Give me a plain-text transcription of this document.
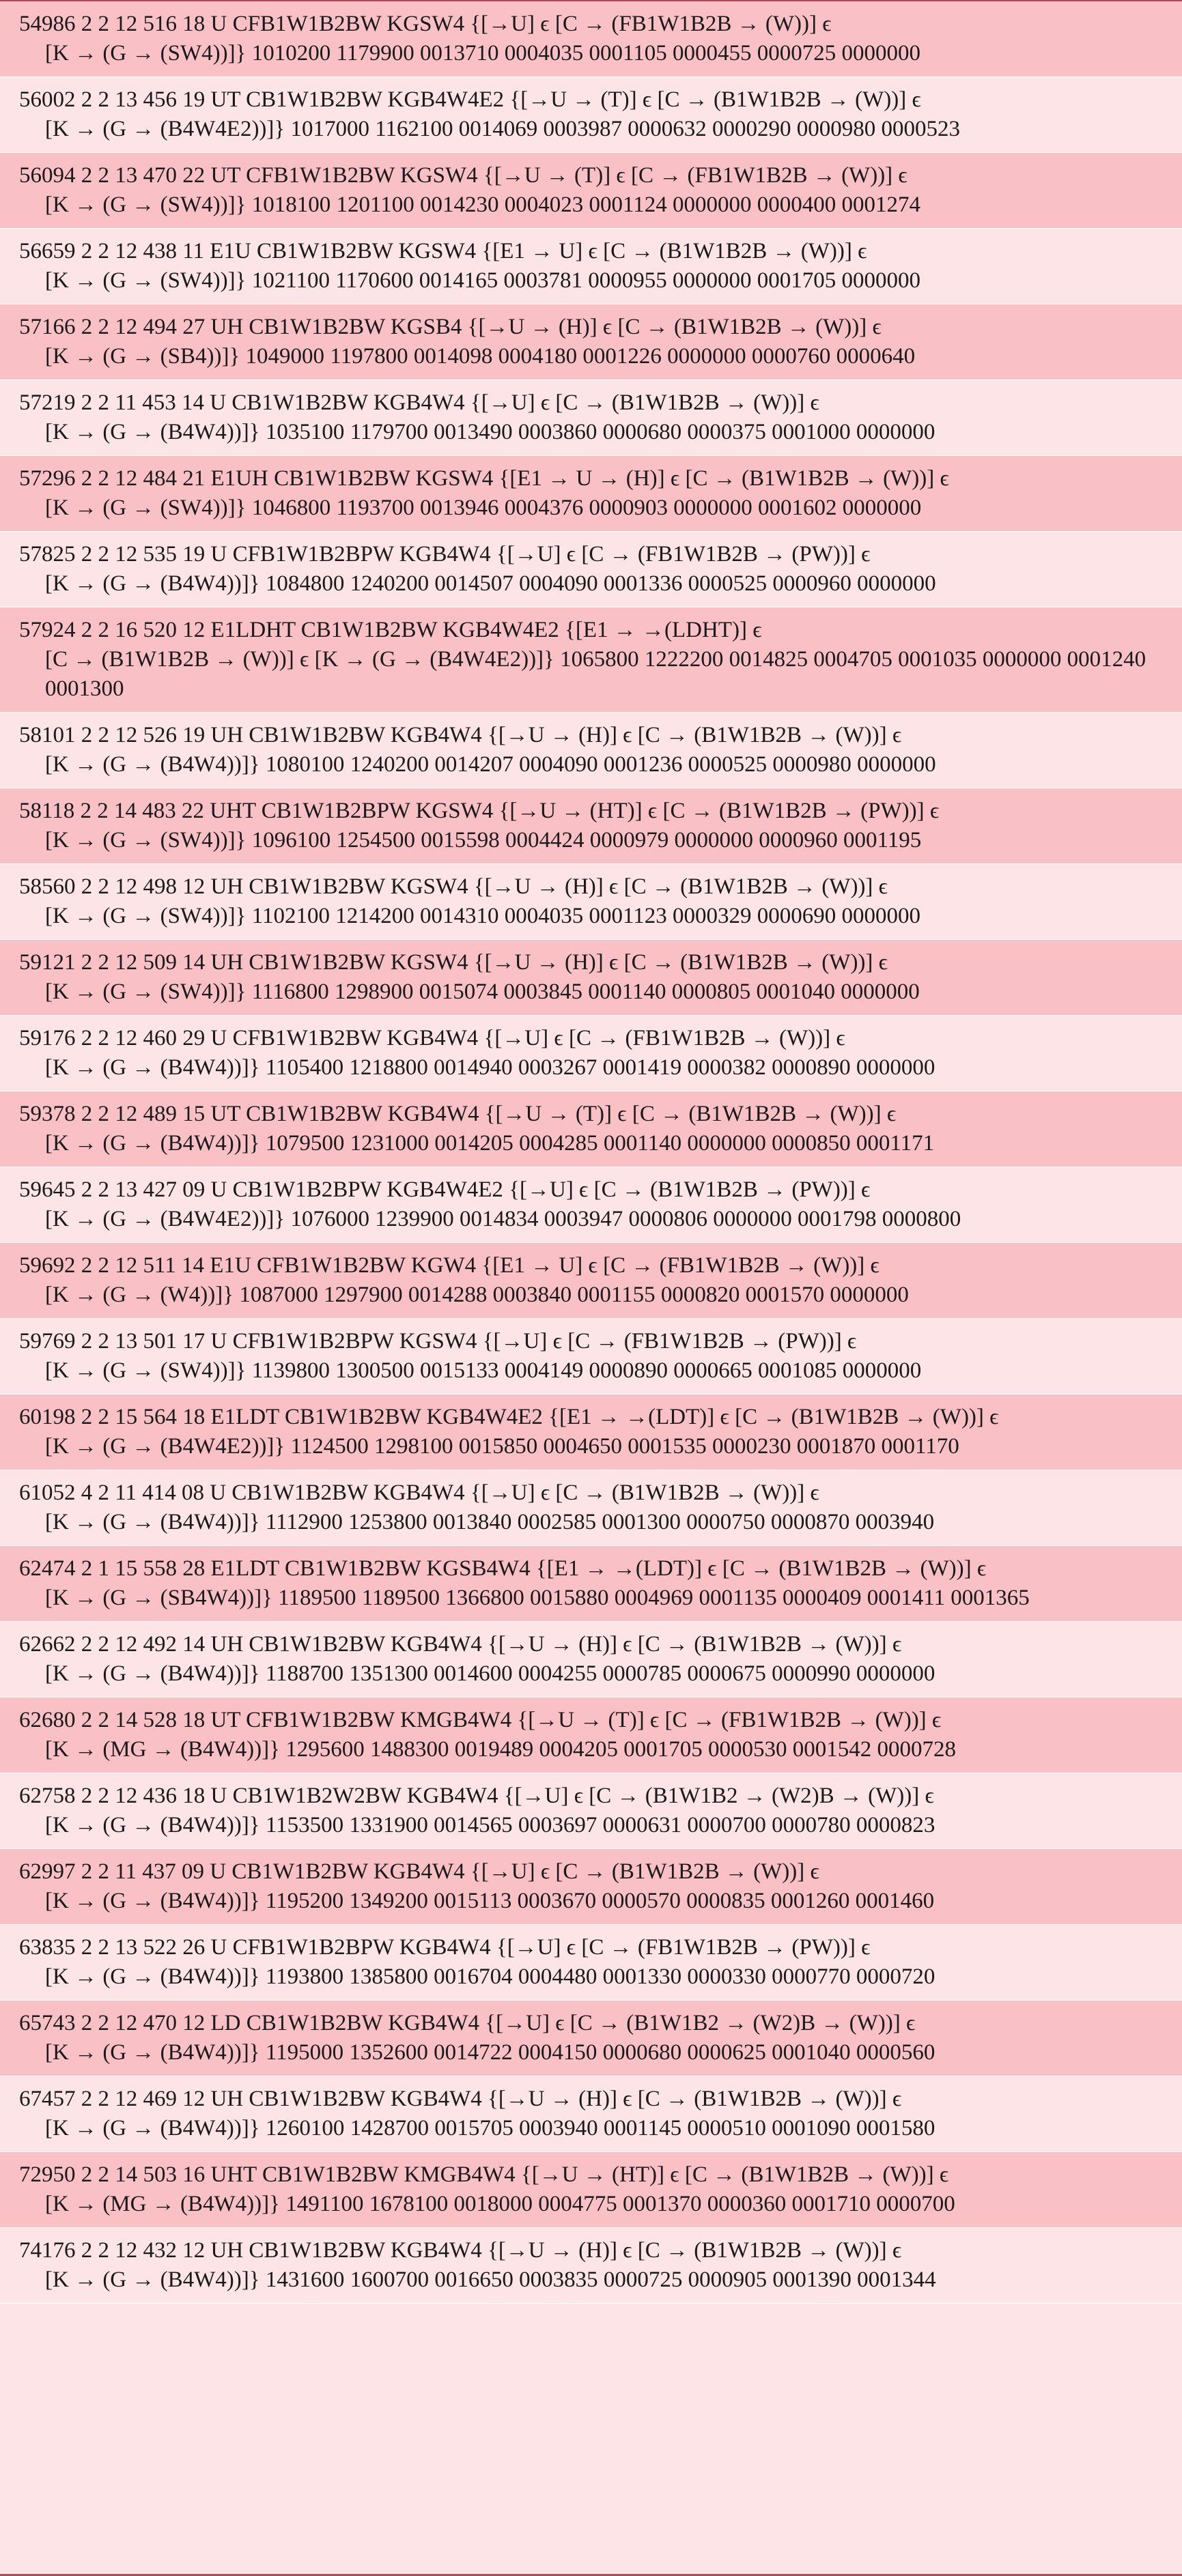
54986 2 2 12 516 18 U CFB1W1B2BW KGSW4 {[→U] ϵ [C → (FB1W1B2B → (W))] ϵ
[K → (G → (SW4))]} 1010200 1179900 0013710 0004035 0001105 0000455 0000725 0000000
56002 2 2 13 456 19 UT CB1W1B2BW KGB4W4E2 {[→U → (T)] ϵ [C → (B1W1B2B → (W))] ϵ
[K → (G → (B4W4E2))]} 1017000 1162100 0014069 0003987 0000632 0000290 0000980 0000523
56094 2 2 13 470 22 UT CFB1W1B2BW KGSW4 {[→U → (T)] ϵ [C → (FB1W1B2B → (W))] ϵ
[K → (G → (SW4))]} 1018100 1201100 0014230 0004023 0001124 0000000 0000400 0001274
56659 2 2 12 438 11 E1U CB1W1B2BW KGSW4 {[E1 → U] ϵ [C → (B1W1B2B → (W))] ϵ
[K → (G → (SW4))]} 1021100 1170600 0014165 0003781 0000955 0000000 0001705 0000000
57166 2 2 12 494 27 UH CB1W1B2BW KGSB4 {[→U → (H)] ϵ [C → (B1W1B2B → (W))] ϵ
[K → (G → (SB4))]} 1049000 1197800 0014098 0004180 0001226 0000000 0000760 0000640
57219 2 2 11 453 14 U CB1W1B2BW KGB4W4 {[→U] ϵ [C → (B1W1B2B → (W))] ϵ
[K → (G → (B4W4))]} 1035100 1179700 0013490 0003860 0000680 0000375 0001000 0000000
57296 2 2 12 484 21 E1UH CB1W1B2BW KGSW4 {[E1 → U → (H)] ϵ [C → (B1W1B2B → (W))] ϵ
[K → (G → (SW4))]} 1046800 1193700 0013946 0004376 0000903 0000000 0001602 0000000
57825 2 2 12 535 19 U CFB1W1B2BPW KGB4W4 {[→U] ϵ [C → (FB1W1B2B → (PW))] ϵ
[K → (G → (B4W4))]} 1084800 1240200 0014507 0004090 0001336 0000525 0000960 0000000
57924 2 2 16 520 12 E1LDHT CB1W1B2BW KGB4W4E2 {[E1 → →(LDHT)] ϵ
[C → (B1W1B2B → (W))] ϵ [K → (G → (B4W4E2))]} 1065800 1222200 0014825 0004705 0001035 0000000 0001240 0001300
58101 2 2 12 526 19 UH CB1W1B2BW KGB4W4 {[→U → (H)] ϵ [C → (B1W1B2B → (W))] ϵ
[K → (G → (B4W4))]} 1080100 1240200 0014207 0004090 0001236 0000525 0000980 0000000
58118 2 2 14 483 22 UHT CB1W1B2BPW KGSW4 {[→U → (HT)] ϵ [C → (B1W1B2B → (PW))] ϵ
[K → (G → (SW4))]} 1096100 1254500 0015598 0004424 0000979 0000000 0000960 0001195
58560 2 2 12 498 12 UH CB1W1B2BW KGSW4 {[→U → (H)] ϵ [C → (B1W1B2B → (W))] ϵ
[K → (G → (SW4))]} 1102100 1214200 0014310 0004035 0001123 0000329 0000690 0000000
59121 2 2 12 509 14 UH CB1W1B2BW KGSW4 {[→U → (H)] ϵ [C → (B1W1B2B → (W))] ϵ
[K → (G → (SW4))]} 1116800 1298900 0015074 0003845 0001140 0000805 0001040 0000000
59176 2 2 12 460 29 U CFB1W1B2BW KGB4W4 {[→U] ϵ [C → (FB1W1B2B → (W))] ϵ
[K → (G → (B4W4))]} 1105400 1218800 0014940 0003267 0001419 0000382 0000890 0000000
59378 2 2 12 489 15 UT CB1W1B2BW KGB4W4 {[→U → (T)] ϵ [C → (B1W1B2B → (W))] ϵ
[K → (G → (B4W4))]} 1079500 1231000 0014205 0004285 0001140 0000000 0000850 0001171
59645 2 2 13 427 09 U CB1W1B2BPW KGB4W4E2 {[→U] ϵ [C → (B1W1B2B → (PW))] ϵ
[K → (G → (B4W4E2))]} 1076000 1239900 0014834 0003947 0000806 0000000 0001798 0000800
59692 2 2 12 511 14 E1U CFB1W1B2BW KGW4 {[E1 → U] ϵ [C → (FB1W1B2B → (W))] ϵ
[K → (G → (W4))]} 1087000 1297900 0014288 0003840 0001155 0000820 0001570 0000000
59769 2 2 13 501 17 U CFB1W1B2BPW KGSW4 {[→U] ϵ [C → (FB1W1B2B → (PW))] ϵ
[K → (G → (SW4))]} 1139800 1300500 0015133 0004149 0000890 0000665 0001085 0000000
60198 2 2 15 564 18 E1LDT CB1W1B2BW KGB4W4E2 {[E1 → →(LDT)] ϵ [C → (B1W1B2B → (W))] ϵ
[K → (G → (B4W4E2))]} 1124500 1298100 0015850 0004650 0001535 0000230 0001870 0001170
61052 4 2 11 414 08 U CB1W1B2BW KGB4W4 {[→U] ϵ [C → (B1W1B2B → (W))] ϵ
[K → (G → (B4W4))]} 1112900 1253800 0013840 0002585 0001300 0000750 0000870 0003940
62474 2 1 15 558 28 E1LDT CB1W1B2BW KGSB4W4 {[E1 → →(LDT)] ϵ [C → (B1W1B2B → (W))] ϵ
[K → (G → (SB4W4))]} 1189500 1189500 1366800 0015880 0004969 0001135 0000409 0001411 0001365
62662 2 2 12 492 14 UH CB1W1B2BW KGB4W4 {[→U → (H)] ϵ [C → (B1W1B2B → (W))] ϵ
[K → (G → (B4W4))]} 1188700 1351300 0014600 0004255 0000785 0000675 0000990 0000000
62680 2 2 14 528 18 UT CFB1W1B2BW KMGB4W4 {[→U → (T)] ϵ [C → (FB1W1B2B → (W))] ϵ
[K → (MG → (B4W4))]} 1295600 1488300 0019489 0004205 0001705 0000530 0001542 0000728
62758 2 2 12 436 18 U CB1W1B2W2BW KGB4W4 {[→U] ϵ [C → (B1W1B2 → (W2)B → (W))] ϵ
[K → (G → (B4W4))]} 1153500 1331900 0014565 0003697 0000631 0000700 0000780 0000823
62997 2 2 11 437 09 U CB1W1B2BW KGB4W4 {[→U] ϵ [C → (B1W1B2B → (W))] ϵ
[K → (G → (B4W4))]} 1195200 1349200 0015113 0003670 0000570 0000835 0001260 0001460
63835 2 2 13 522 26 U CFB1W1B2BPW KGB4W4 {[→U] ϵ [C → (FB1W1B2B → (PW))] ϵ
[K → (G → (B4W4))]} 1193800 1385800 0016704 0004480 0001330 0000330 0000770 0000720
65743 2 2 12 470 12 LD CB1W1B2BW KGB4W4 {[→U] ϵ [C → (B1W1B2 → (W2)B → (W))] ϵ
[K → (G → (B4W4))]} 1195000 1352600 0014722 0004150 0000680 0000625 0001040 0000560
67457 2 2 12 469 12 UH CB1W1B2BW KGB4W4 {[→U → (H)] ϵ [C → (B1W1B2B → (W))] ϵ
[K → (G → (B4W4))]} 1260100 1428700 0015705 0003940 0001145 0000510 0001090 0001580
72950 2 2 14 503 16 UHT CB1W1B2BW KMGB4W4 {[→U → (HT)] ϵ [C → (B1W1B2B → (W))] ϵ
[K → (MG → (B4W4))]} 1491100 1678100 0018000 0004775 0001370 0000360 0001710 0000700
74176 2 2 12 432 12 UH CB1W1B2BW KGB4W4 {[→U → (H)] ϵ [C → (B1W1B2B → (W))] ϵ
[K → (G → (B4W4))]} 1431600 1600700 0016650 0003835 0000725 0000905 0001390 0001344
